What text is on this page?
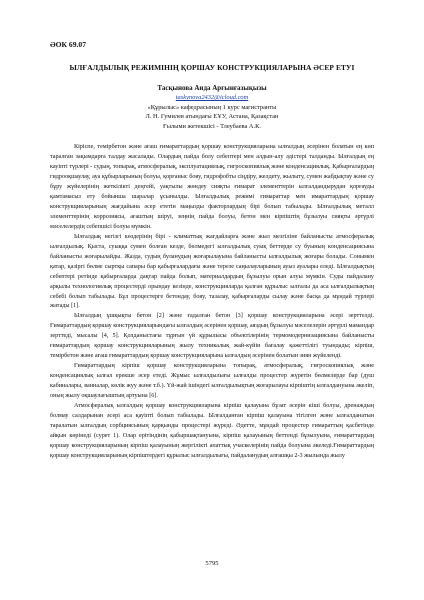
ӘОК 69.07

ЫЛҒАЛДЫЛЫҚ РЕЖИМІНІҢ ҚОРШАУ КОНСТРУКЦИЯЛАРЫНА ӘСЕР ЕТУІ

Тасқынова Аида Арғынғазықызы

taskynova2432@icloud.com

«Құрылыс» кафедрасының 1 курс магистранты

Л. Н. Гумилев атындағы ЕҰУ, Астана, Қазақстан

Ғылыми жетекшісі - Тлеубаева А.К.

Кіріспе, темірбетон және ағаш ғимараттардың қоршау конструкцияларына ылғалдың әсерінен болатын ең көп таралған зақымдарға талдау жасалады. Олардың пайда болу себептері мен алдын-алу әдістері талданды. Ылғалдың ең кауіпті түрлері - судың, топырақ, атмосфералық, эксплуатациялық, гигроскопиялық және конденсациялық. Қабырғалардың гидрооқшаулау, ауа құбырларының болуы, қорғаныс бояу, гидрофобты сіңдіру, желдету, жылыту, сумен жабдықтау және су бұру жүйелерінің жеткілікті деңгейі, уақтылы жөндеу сияқты ғимарат элементтерін ылғалдандырудан қорғауды қамтамасыз ету бойынша шаралар ұсынылды. Ылғалдылық режимі ғимараттар мен имараттардың қоршау конструкцияларының жағдайына әсер ететін маңызды факторлардың бірі болып табылады. Ылғалдылық металл элементтерінің коррозиясы, ағаштың шіруі, зеңнің пайда болуы, бетон мен кірпіштің бұзылуы сияқты әртүрлі мәселелердің себепшісі болуы мүмкін.

Ылғалдық негізгі көздерінің бірі - климаттық жағдайларға және жыл мезгіліне байланысты атмосфералық ылғалдылық. Қыста, суыққа сумен болған кезде, бөлмедегі ылғалдылық суық беттерде су буының конденсациясына байланысты жоғарылайды. Жазда, судың буланудың жоғарылауына байланысты ылғалдылық жоғары болады. Сонымен қатар, қазіргі бөлме сыртқы сапары бар қабырғалардағы және терезе саңылауларының ауыз ауалары еледі. Ылғалдықтың себептері ретінде қабырғаларда дақтар пайда болып, материалдардың бұзылуы орын алуы мүмкін. Суды пайдалану арқылы технологиялық процестерді орындау кезінде, конструкцияларда қалған құрылыс ылғалы да аса ылғалдылықтың себебі болып табылады. Бұл процестерге бетондау, бояу, тазалау, қабырғаларды сылау және басқа да мұндай түрлері жатады [1].

Ылғалдың ұшқықты бетон [2] және ғадалған бетон [3] қоршау конструкцияларына әсері зерттелді. Ғимараттардың қоршау конструкцияларындағы ылғалдың әсерінен қоршау, аяздың бұзылуы мәселелерін әртүрлі мамандар зерттеді, мысалы [4, 5]. Қолданыстағы тұрғын үй құрылысы объектілерінің термомодернизациясына байланысты ғимараттардың қоршау конструкцияларының жылу техникалық жай-күйін бағалау қажеттілігі туындады; кірпіш, темірбетон және ағаш ғимараттардың қоршау конструкцияларына ылғалдың әсерінен болатын зиян жүйеленді.

Ғимараттардың кірпіш қоршау конструкцияларына топырақ, атмосфералық, гигроскопиялық және конденсациялық ылғал ерекше әсер етеді. Жұмыс ылғалдылығы ылғалды процестер жүретін бөлмелерде бар (душ кабиналары, ванналар, көлік жуу және т.б.). Үй-жай ішіндегі ылғалдылықтың жоғарылауы кірпіштің ылғалдануына әкеліп, оның жылу оқшаулағыштың артуына [6].

Атмосфералық ылғалдың қоршау конструкцияларына кірпіш қалауына бұзат әсерін кіші болуы, дренаждың болмау салдарынан әсері аса қауіпті болып табылады. Ылғалданған кірпіш қалауына тігілген және ылғалданатын таралатын ылғалдың сорбциясының қарқынды процестері жүреді. Әдетте, мұндай процестер ғимараттың қасбетінде айқын көрінеді (сурет 1). Олар ерітіндінің қабыршақтануына, кірпіш қалауының беттенді бұзылуына, ғимараттардың қоршау конструкцияларының кірпіш қалауының жергілікті апаттық учаскелерінің пайда болуына әкеледі.Ғимараттардың қоршау конструкцияларының кірпіштердегі құрылыс ылғалдылығы, пайдаланудың алғашқы 2-3 жылында жылу

5795
